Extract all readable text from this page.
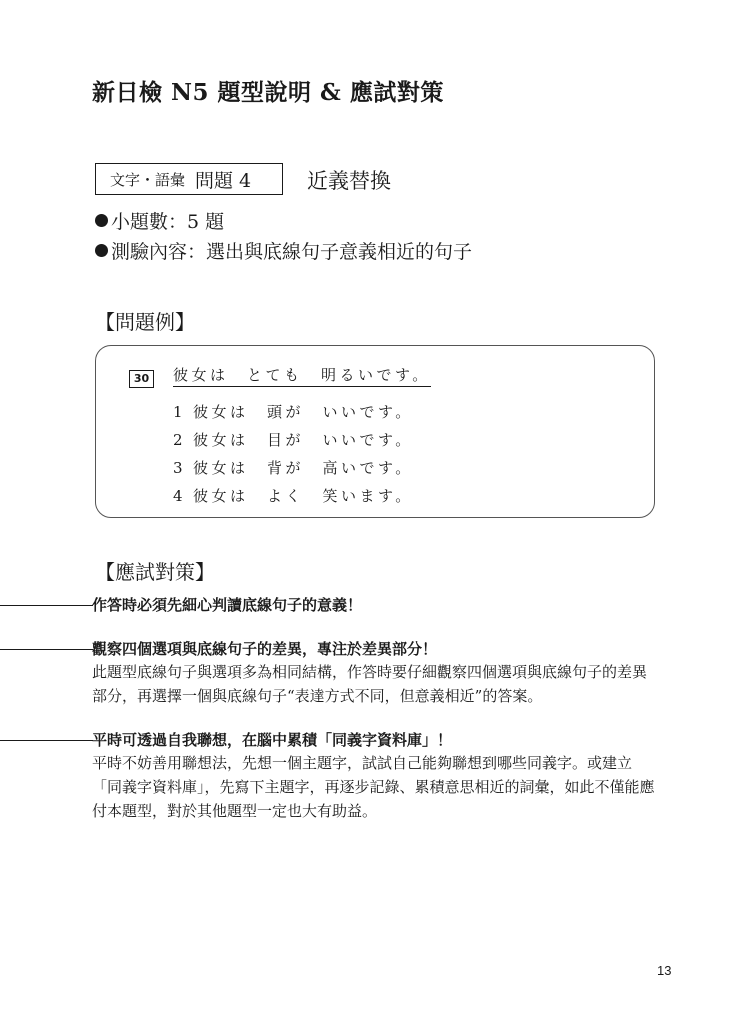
新日檢 N5 題型說明 & 應試對策
文字・語彙 問題 4	近義替換
小題數：5 題
測驗內容：選出與底線句子意義相近的句子
【問題例】
30	彼女は　とても　明るいです。
1 彼女は　頭が　いいです。
2 彼女は　目が　いいです。
3 彼女は　背が　高いです。
4 彼女は　よく　笑います。
【應試對策】
作答時必須先細心判讀底線句子的意義！
觀察四個選項與底線句子的差異，專注於差異部分！
此題型底線句子與選項多為相同結構，作答時要仔細觀察四個選項與底線句子的差異部分，再選擇一個與底線句子“表達方式不同，但意義相近”的答案。
平時可透過自我聯想，在腦中累積「同義字資料庫」！
平時不妨善用聯想法，先想一個主題字，試試自己能夠聯想到哪些同義字。或建立「同義字資料庫」，先寫下主題字，再逐步記錄、累積意思相近的詞彙，如此不僅能應付本題型，對於其他題型一定也大有助益。
13
